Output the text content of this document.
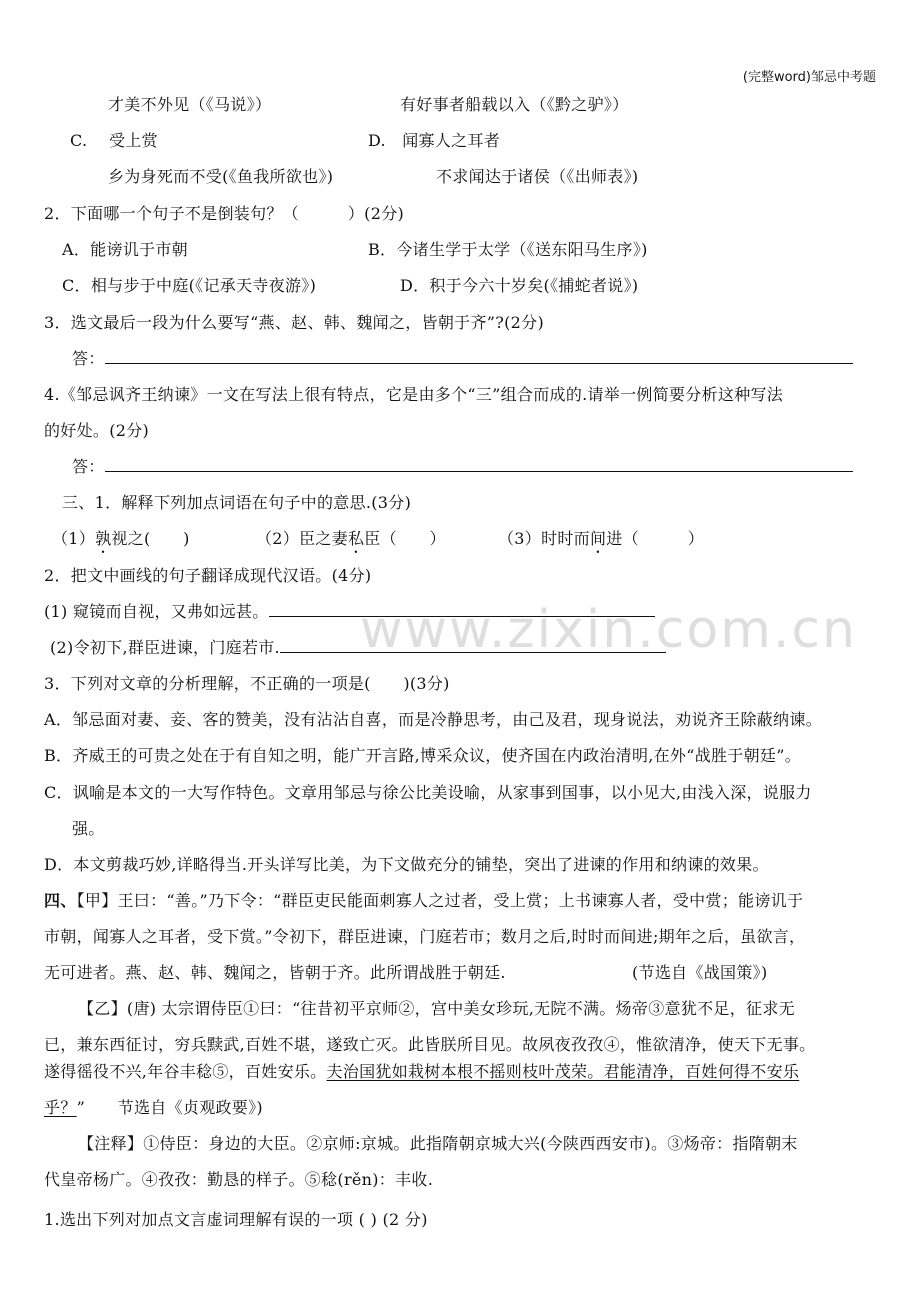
(完整word)邹忌中考题
www.zixin.com.cn
才美不外见（《马说》）	有好事者船载以入（《黔之驴》）
C.　 受上赏	D.　闻寡人之耳者
乡为身死而不受(《鱼我所欲也》)	不求闻达于诸侯（《出师表》)
2．下面哪一个句子不是倒装句？（　　　）(2分)
A．能谤讥于市朝	B．今诸生学于太学（《送东阳马生序》)
C．相与步于中庭(《记承天寺夜游》)	D．积于今六十岁矣(《捕蛇者说》)
3．选文最后一段为什么要写“燕、赵、韩、魏闻之，皆朝于齐”?(2分)
答：
4.《邹忌讽齐王纳谏》一文在写法上很有特点，它是由多个“三”组合而成的.请举一例简要分析这种写法
的好处。(2分)
答：
三、1．解释下列加点词语在句子中的意思.(3分)
（1）孰视之(　　)	（2）臣之妻私臣（　　）	（3）时时而间进（　　　）
2．把文中画线的句子翻译成现代汉语。(4分)
(1) 窥镜而自视，又弗如远甚。
(2)令初下,群臣进谏，门庭若市.
3．下列对文章的分析理解，不正确的一项是(　　)(3分)
A．邹忌面对妻、妾、客的赞美，没有沾沾自喜，而是冷静思考，由己及君，现身说法，劝说齐王除蔽纳谏。
B．齐威王的可贵之处在于有自知之明，能广开言路,博采众议，使齐国在内政治清明,在外“战胜于朝廷”。
C．讽喻是本文的一大写作特色。文章用邹忌与徐公比美设喻，从家事到国事，以小见大,由浅入深，说服力
强。
D．本文剪裁巧妙,详略得当.开头详写比美，为下文做充分的铺垫，突出了进谏的作用和纳谏的效果。
四、【甲】王曰：“善。”乃下令：“群臣吏民能面刺寡人之过者，受上赏；上书谏寡人者，受中赏；能谤讥于
市朝，闻寡人之耳者，受下赏。”令初下，群臣进谏，门庭若市；数月之后,时时而间进;期年之后，虽欲言，
无可进者。燕、赵、韩、魏闻之，皆朝于齐。此所谓战胜于朝廷.	(节选自《战国策》)
【乙】(唐) 太宗谓侍臣①曰：“往昔初平京师②，宫中美女珍玩,无院不满。炀帝③意犹不足，征求无
已，兼东西征讨，穷兵黩武,百姓不堪，遂致亡灭。此皆朕所目见。故夙夜孜孜④，惟欲清净，使天下无事。
遂得徭役不兴,年谷丰稔⑤，百姓安乐。夫治国犹如栽树本根不摇则枝叶茂荣。君能清净，百姓何得不安乐
乎？”　　节选自《贞观政要》)
【注释】①侍臣：身边的大臣。②京师:京城。此指隋朝京城大兴(今陕西西安市)。③炀帝：指隋朝末
代皇帝杨广。④孜孜：勤恳的样子。⑤稔(rěn)：丰收.
1.选出下列对加点文言虚词理解有误的一项 ( ) (2 分)
